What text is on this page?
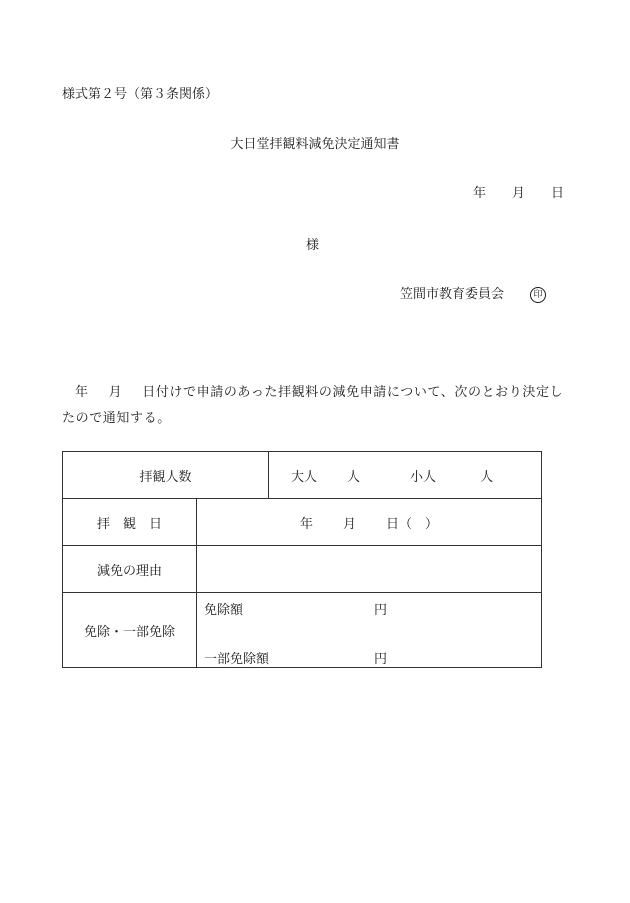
様式第２号（第３条関係）
大日堂拝観料減免決定通知書
年 月 日
様
笠間市教育委員会	印
年 月 日付けで申請のあった拝観料の減免申請について、次のとおり決定したので通知する。
拝観人数		大人 人 小人 人
拝　観　日	年 月 日（　）	
減免の理由		
免除・一部免除	免除額 円
一部免除額 円	
